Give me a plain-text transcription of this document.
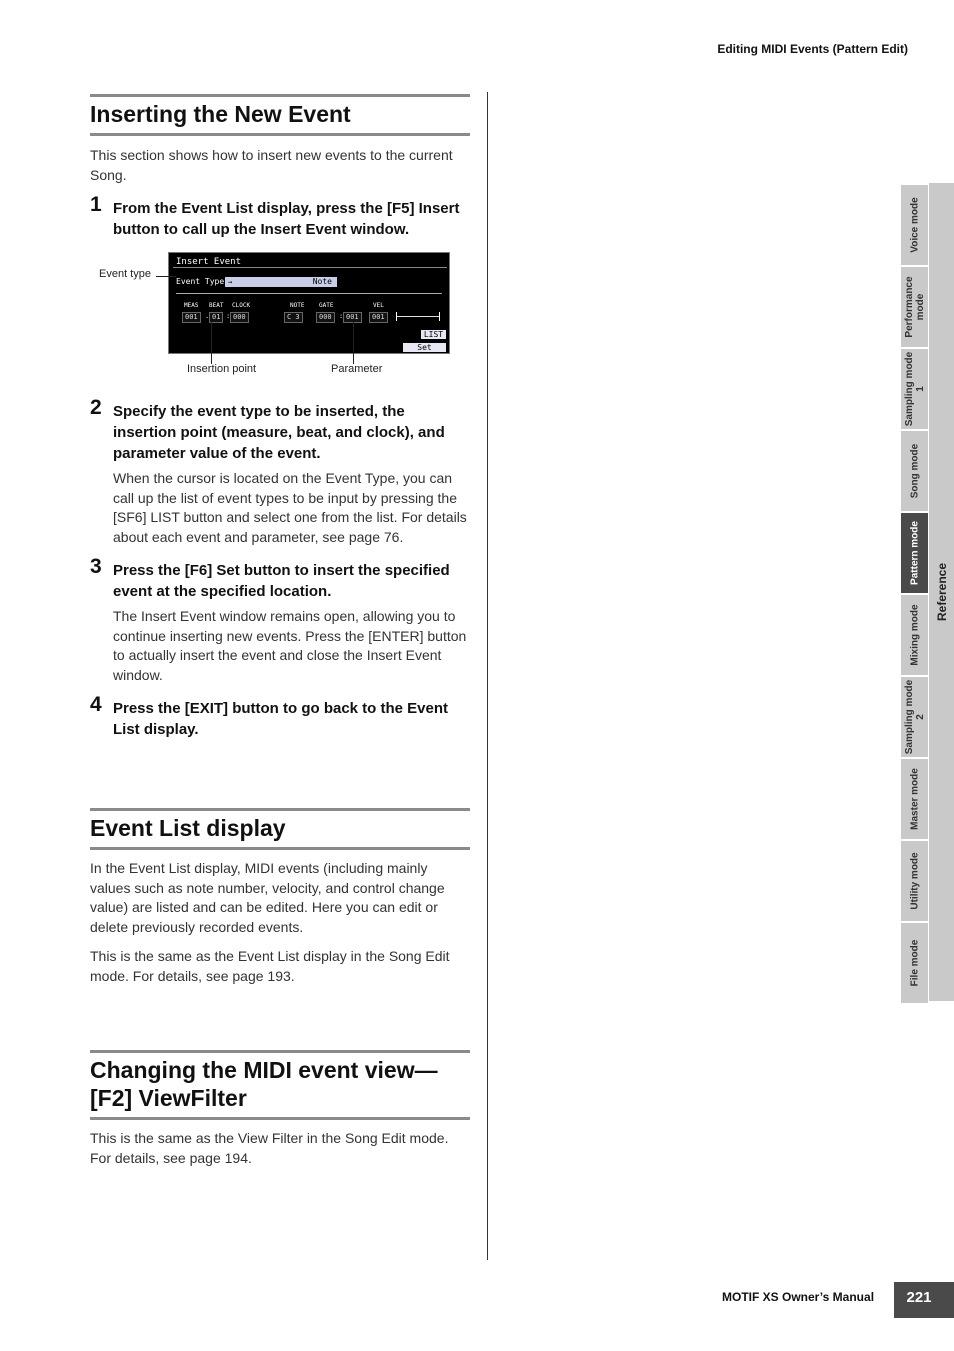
Editing MIDI Events (Pattern Edit)
Inserting the New Event

This section shows how to insert new events to the current Song.

1 From the Event List display, press the [F5] Insert button to call up the Insert Event window.
Insert Event
Event Type →	Note
MEAS BEAT CLOCK	NOTE GATE	VEL
001	. 01 : 000	C 3	000	: 001	001
LIST
Set
Event type
Insertion point	Parameter
2 Specify the event type to be inserted, the insertion point (measure, beat, and clock), and parameter value of the event.
When the cursor is located on the Event Type, you can call up the list of event types to be input by pressing the [SF6] LIST button and select one from the list. For details about each event and parameter, see page 76.
3 Press the [F6] Set button to insert the specified event at the specified location.
The Insert Event window remains open, allowing you to continue inserting new events. Press the [ENTER] button to actually insert the event and close the Insert Event window.
4 Press the [EXIT] button to go back to the Event List display.
Event List display

In the Event List display, MIDI events (including mainly values such as note number, velocity, and control change value) are listed and can be edited. Here you can edit or delete previously recorded events.

This is the same as the Event List display in the Song Edit mode. For details, see page 193.

Changing the MIDI event view—[F2] ViewFilter

This is the same as the View Filter in the Song Edit mode. For details, see page 194.

Voice mode
Performance mode
Sampling mode 1
Song mode
Pattern mode
Mixing mode
Sampling mode 2
Master mode
Utility mode
File mode
Reference
MOTIF XS Owner’s Manual	221
